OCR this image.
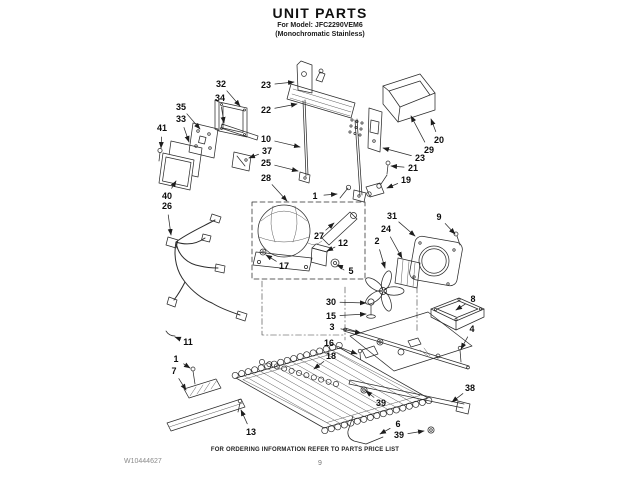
UNIT PARTS
For Model: JFC2290VEM6
(Monochromatic Stainless)
32
34
23
22
35
33
41
10
37
25
28
1
40
26
20
29
23
21
19
31	9
24
2
27
12
5
17
8
30
15
3
16
18
4
38
39
6
39
11
1
7
13
FOR ORDERING INFORMATION REFER TO PARTS PRICE LIST
W10444627	9
